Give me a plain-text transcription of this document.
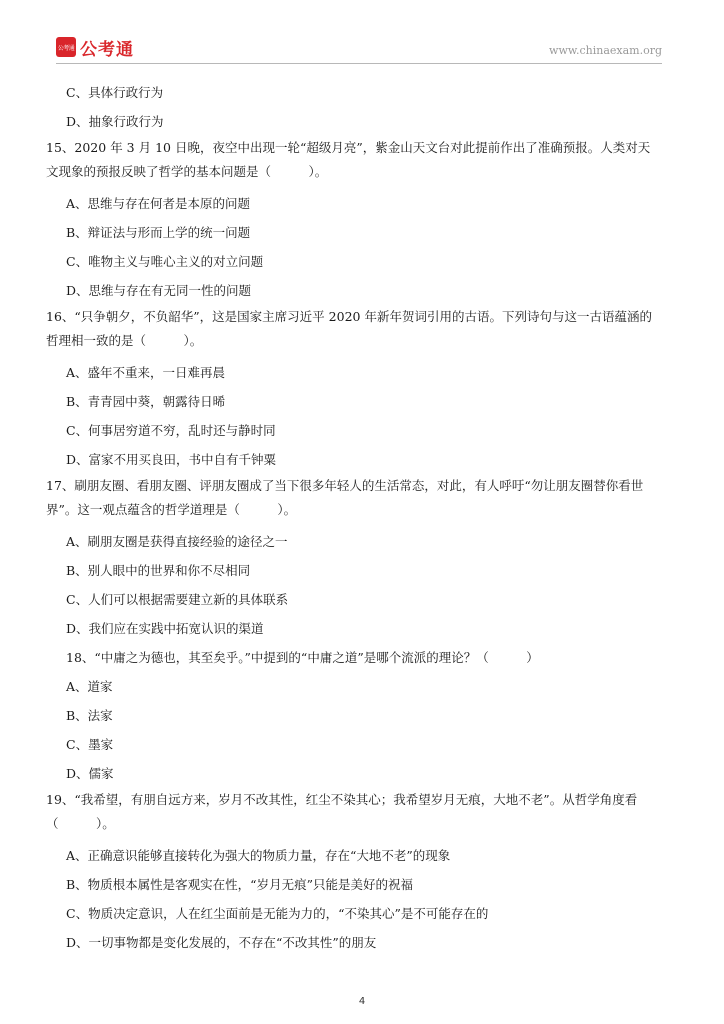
公考通 公考通	www.chinaexam.org
C、具体行政行为
D、抽象行政行为
15、2020 年 3 月 10 日晚，夜空中出现一轮“超级月亮”，紫金山天文台对此提前作出了准确预报。人类对天
文现象的预报反映了哲学的基本问题是（　　　）。
A、思维与存在何者是本原的问题
B、辩证法与形而上学的统一问题
C、唯物主义与唯心主义的对立问题
D、思维与存在有无同一性的问题
16、“只争朝夕，不负韶华”，这是国家主席习近平 2020 年新年贺词引用的古语。下列诗句与这一古语蕴涵的
哲理相一致的是（　　　）。
A、盛年不重来，一日难再晨
B、青青园中葵，朝露待日晞
C、何事居穷道不穷，乱时还与静时同
D、富家不用买良田，书中自有千钟粟
17、刷朋友圈、看朋友圈、评朋友圈成了当下很多年轻人的生活常态，对此，有人呼吁“勿让朋友圈替你看世
界”。这一观点蕴含的哲学道理是（　　　）。
A、刷朋友圈是获得直接经验的途径之一
B、别人眼中的世界和你不尽相同
C、人们可以根据需要建立新的具体联系
D、我们应在实践中拓宽认识的渠道
18、“中庸之为德也，其至矣乎。”中提到的“中庸之道”是哪个流派的理论？（　　　）
A、道家
B、法家
C、墨家
D、儒家
19、“我希望，有朋自远方来，岁月不改其性，红尘不染其心；我希望岁月无痕，大地不老”。从哲学角度看
（　　　）。
A、正确意识能够直接转化为强大的物质力量，存在“大地不老”的现象
B、物质根本属性是客观实在性，“岁月无痕”只能是美好的祝福
C、物质决定意识，人在红尘面前是无能为力的，“不染其心”是不可能存在的
D、一切事物都是变化发展的，不存在“不改其性”的朋友
4
